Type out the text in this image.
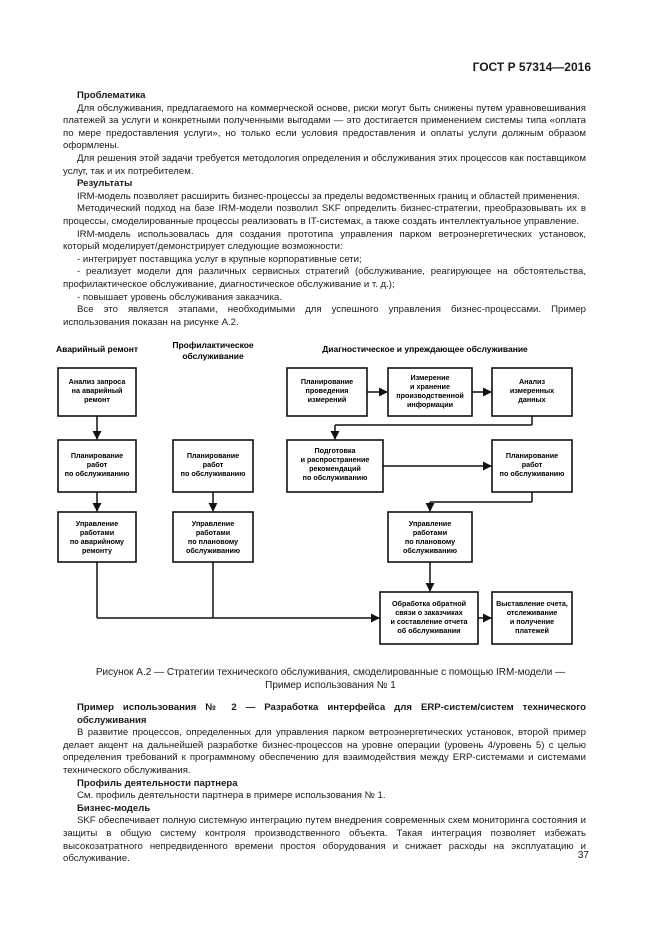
ГОСТ Р 57314—2016

Проблематика

Для обслуживания, предлагаемого на коммерческой основе, риски могут быть снижены путем уравновешивания платежей за услуги и конкретными полученными выгодами — это достигается применением системы типа «оплата по мере предоставления услуги», но только если условия предоставления и оплаты услуги должным образом оформлены.

Для решения этой задачи требуется методология определения и обслуживания этих процессов как поставщиком услуг, так и их потребителем.

Результаты

IRM-модель позволяет расширить бизнес-процессы за пределы ведомственных границ и областей применения.

Методический подход на базе IRM-модели позволил SKF определить бизнес-стратегии, преобразовывать их в процессы, смоделированные процессы реализовать в IT-системах, а также создать интеллектуальное управление.

IRM-модель использовалась для создания прототипа управления парком ветроэнергетических установок, который моделирует/демонстрирует следующие возможности:

- интегрирует поставщика услуг в крупные корпоративные сети;

- реализует модели для различных сервисных стратегий (обслуживание, реагирующее на обстоятельства, профилактическое обслуживание, диагностическое обслуживание и т. д.);

- повышает уровень обслуживания заказчика.

Все это является этапами, необходимыми для успешного управления бизнес-процессами. Пример использования показан на рисунке А.2.

Аварийный ремонт	Профилактическое
обслуживание
Диагностическое и упреждающее обслуживание
Анализ запроса
на аварийный
ремонт
Планирование
работ
по обслуживанию
Управление
работами
по аварийному
ремонту
Планирование
работ
по обслуживанию
Управление
работами
по плановому
обслуживанию
Планирование
проведения
измерений
Измерение
и хранение
производственной
информации
Анализ
измеренных
данных
Подготовка
и распространение
рекомендаций
по обслуживанию
Планирование
работ
по обслуживанию
Управление
работами
по плановому
обслуживанию
Обработка обратной
связи о заказчиках
и составление отчета
об обслуживании
Выставление счета,
отслеживание
и получение
платежей
Рисунок А.2 — Стратегии технического обслуживания, смоделированные с помощью IRM-модели —
Пример использования № 1

Пример использования № 2 — Разработка интерфейса для ERP-систем/систем технического обслуживания

В развитие процессов, определенных для управления парком ветроэнергетических установок, второй пример делает акцент на дальнейшей разработке бизнес-процессов на уровне операции (уровень 4/уровень 5) с целью определения требований к программному обеспечению для взаимодействия между ERP-системами и системами технического обслуживания.

Профиль деятельности партнера

См. профиль деятельности партнера в примере использования № 1.

Бизнес-модель

SKF обеспечивает полную системную интеграцию путем внедрения современных схем мониторинга состояния и защиты в общую систему контроля производственного объекта. Такая интеграция позволяет избежать высокозатратного непредвиденного времени простоя оборудования и снижает расходы на эксплуатацию и обслуживание.	37
